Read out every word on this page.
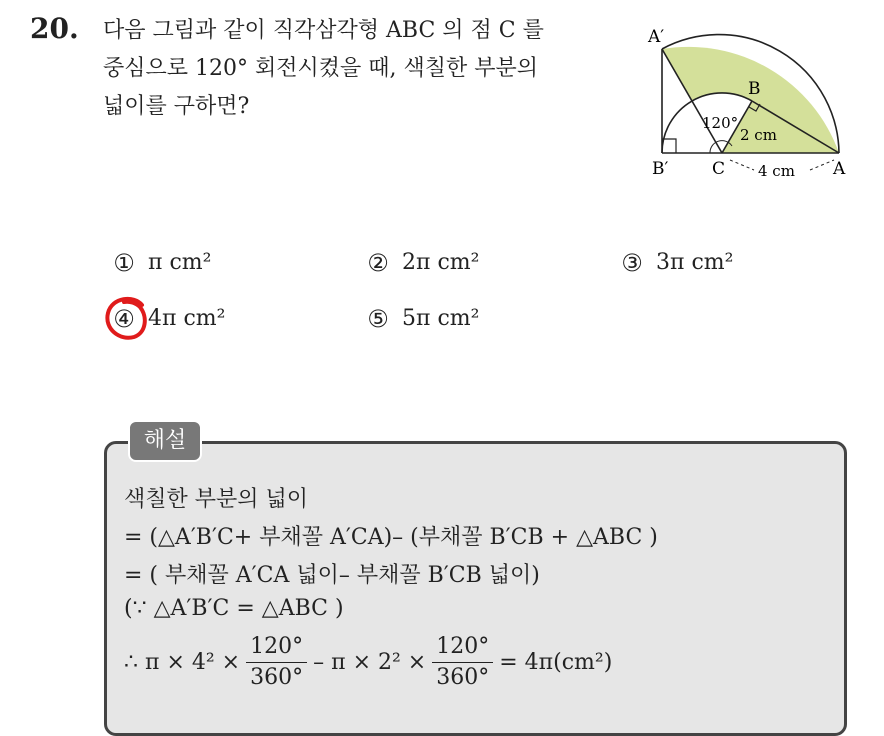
20. 다음 그림과 같이 직각삼각형 ABC 의 점 C 를
중심으로 120° 회전시켰을 때, 색칠한 부분의
넓이를 구하면?
A′
B
B′	C	A
120°
2 cm
4 cm
① π cm²	② 2π cm²	③ 3π cm²
④ 4π cm²	⑤ 5π cm²
해설
색칠한 부분의 넓이
= (△A′B′C+ 부채꼴 A′CA)– (부채꼴 B′CB + △ABC )
= ( 부채꼴 A′CA 넓이– 부채꼴 B′CB 넓이)
(∵ △A′B′C = △ABC )
∴ $\pi \times 4^2 \times \frac{120^\circ}{360^\circ} - \pi \times 2^2 \times \frac{120^\circ}{360^\circ} = 4\pi(cm^2)$
